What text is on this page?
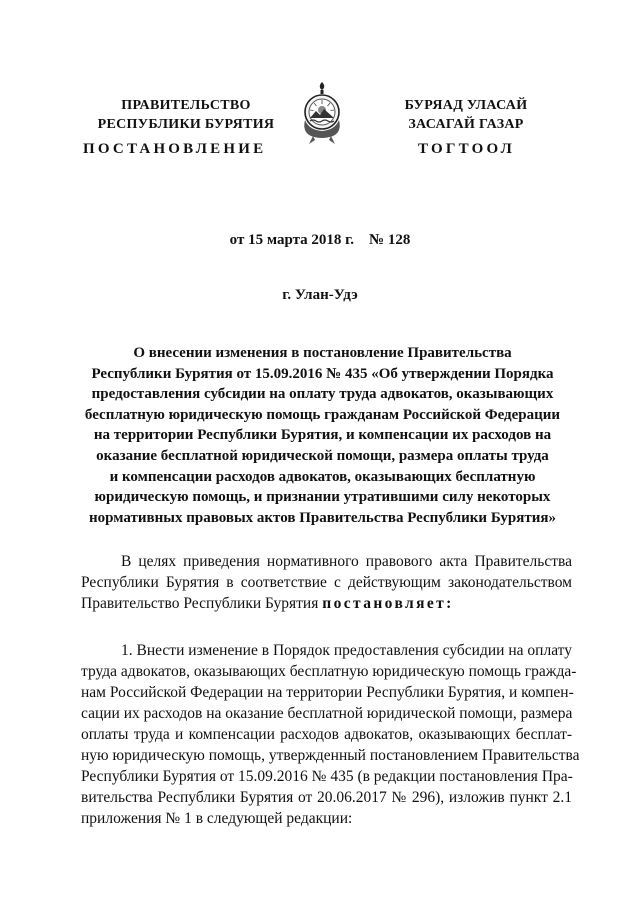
ПРАВИТЕЛЬСТВО
РЕСПУБЛИКИ БУРЯТИЯ
БУРЯАД УЛАСАЙ
ЗАСАГАЙ ГАЗАР
ПОСТАНОВЛЕНИЕ	ТОГТООЛ
от 15 марта 2018 г. № 128
г. Улан-Удэ
О внесении изменения в постановление Правительства
Республики Бурятия от 15.09.2016 № 435 «Об утверждении Порядка
предоставления субсидии на оплату труда адвокатов, оказывающих
бесплатную юридическую помощь гражданам Российской Федерации
на территории Республики Бурятия, и компенсации их расходов на
оказание бесплатной юридической помощи, размера оплаты труда
и компенсации расходов адвокатов, оказывающих бесплатную
юридическую помощь, и признании утратившими силу некоторых
нормативных правовых актов Правительства Республики Бурятия»
В целях приведения нормативного правового акта Правительства
Республики Бурятия в соответствие с действующим законодательством
Правительство Республики Бурятия постановляет:
1. Внести изменение в Порядок предоставления субсидии на оплату
труда адвокатов, оказывающих бесплатную юридическую помощь гражда-
нам Российской Федерации на территории Республики Бурятия, и компен-
сации их расходов на оказание бесплатной юридической помощи, размера
оплаты труда и компенсации расходов адвокатов, оказывающих бесплат-
ную юридическую помощь, утвержденный постановлением Правительства
Республики Бурятия от 15.09.2016 № 435 (в редакции постановления Пра-
вительства Республики Бурятия от 20.06.2017 № 296), изложив пункт 2.1
приложения № 1 в следующей редакции:
